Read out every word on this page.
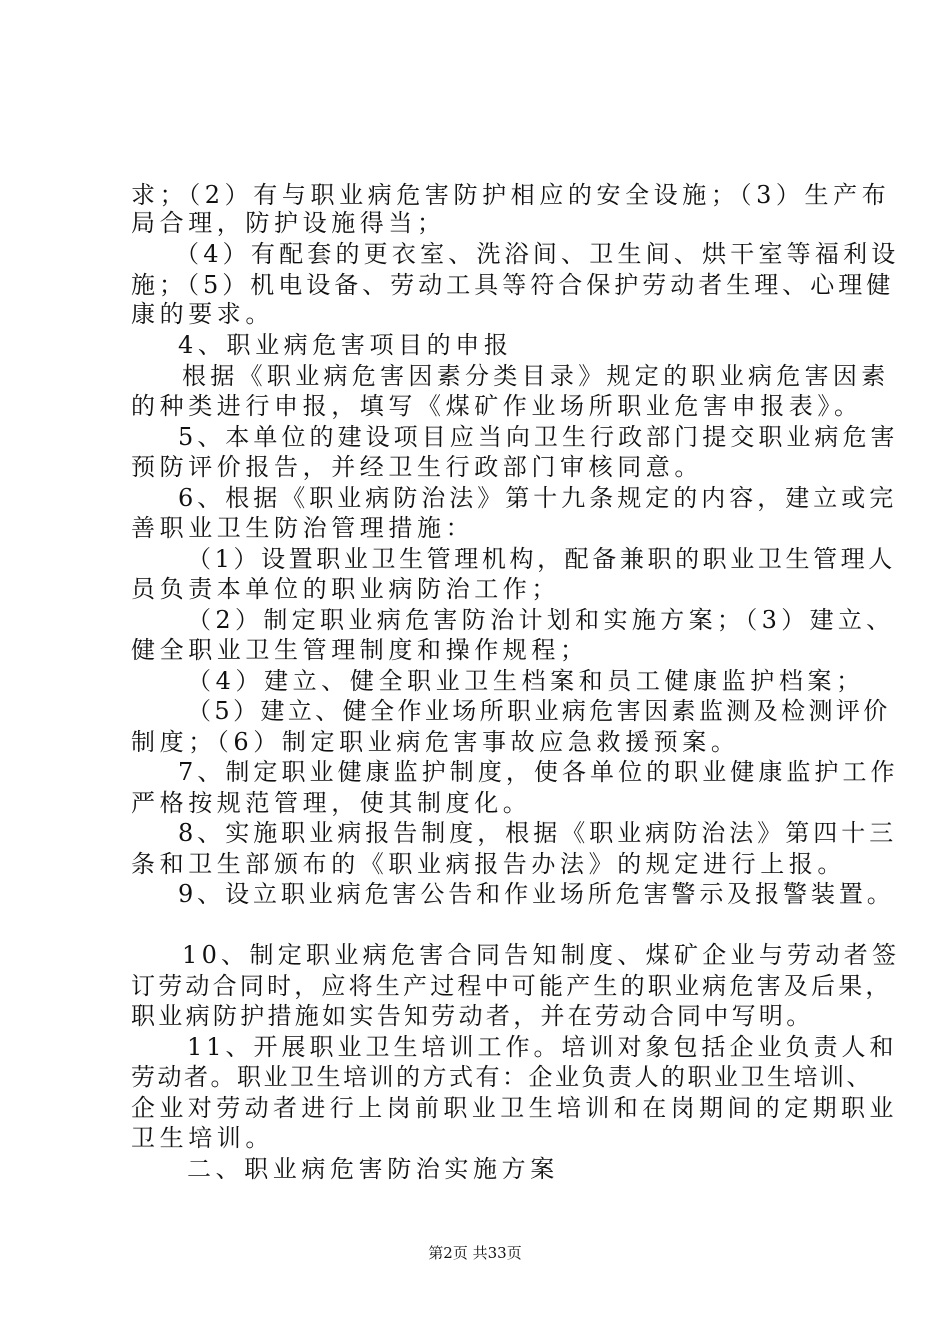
求；（2）有与职业病危害防护相应的安全设施；（3）生产布
局合理，防护设施得当；
（4）有配套的更衣室、洗浴间、卫生间、烘干室等福利设
施；（5）机电设备、劳动工具等符合保护劳动者生理、心理健
康的要求。
4、职业病危害项目的申报
根据《职业病危害因素分类目录》规定的职业病危害因素
的种类进行申报，填写《煤矿作业场所职业危害申报表》。
5、本单位的建设项目应当向卫生行政部门提交职业病危害
预防评价报告，并经卫生行政部门审核同意。
6、根据《职业病防治法》第十九条规定的内容，建立或完
善职业卫生防治管理措施：
（1）设置职业卫生管理机构，配备兼职的职业卫生管理人
员负责本单位的职业病防治工作；
（2）制定职业病危害防治计划和实施方案；（3）建立、
健全职业卫生管理制度和操作规程；
（4）建立、健全职业卫生档案和员工健康监护档案；
（5）建立、健全作业场所职业病危害因素监测及检测评价
制度；（6）制定职业病危害事故应急救援预案。
7、制定职业健康监护制度，使各单位的职业健康监护工作
严格按规范管理，使其制度化。
8、实施职业病报告制度，根据《职业病防治法》第四十三
条和卫生部颁布的《职业病报告办法》的规定进行上报。
9、设立职业病危害公告和作业场所危害警示及报警装置。
10、制定职业病危害合同告知制度、煤矿企业与劳动者签
订劳动合同时，应将生产过程中可能产生的职业病危害及后果，
职业病防护措施如实告知劳动者，并在劳动合同中写明。
11、开展职业卫生培训工作。培训对象包括企业负责人和
劳动者。职业卫生培训的方式有：企业负责人的职业卫生培训、
企业对劳动者进行上岗前职业卫生培训和在岗期间的定期职业
卫生培训。
二、职业病危害防治实施方案
第2页 共33页
